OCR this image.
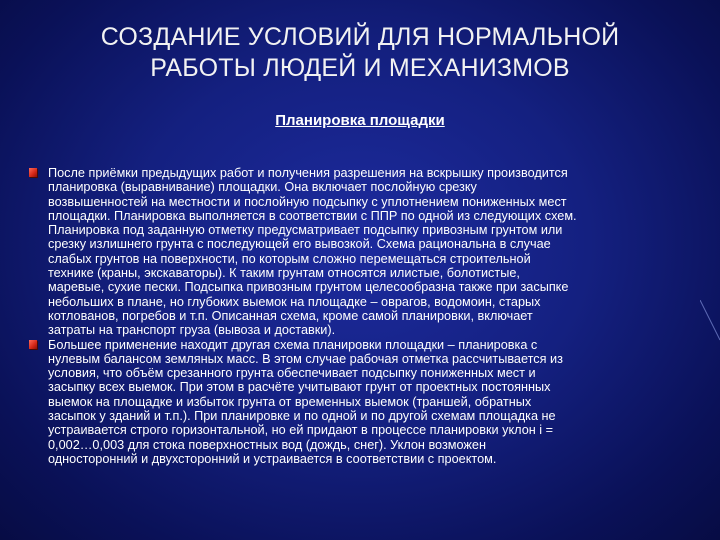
СОЗДАНИЕ УСЛОВИЙ ДЛЯ НОРМАЛЬНОЙ
РАБОТЫ ЛЮДЕЙ И МЕХАНИЗМОВ
Планировка площадки
После приёмки предыдущих работ и получения разрешения на вскрышку производится
планировка (выравнивание) площадки. Она включает послойную срезку
возвышенностей на местности и послойную подсыпку с уплотнением пониженных мест
площадки. Планировка выполняется в соответствии с ППР по одной из следующих схем.
Планировка под заданную отметку предусматривает подсыпку привозным грунтом или
срезку излишнего грунта с последующей его вывозкой. Схема рациональна в случае
слабых грунтов на поверхности, по которым сложно перемещаться строительной
технике (краны, экскаваторы). К таким грунтам относятся илистые, болотистые,
маревые, сухие пески. Подсыпка привозным грунтом целесообразна также при засыпке
небольших в плане, но глубоких выемок на площадке – оврагов, водомоин, старых
котлованов, погребов и т.п. Описанная схема, кроме самой планировки, включает
затраты на транспорт груза (вывоза и доставки).
Большее применение находит другая схема планировки площадки – планировка с
нулевым балансом земляных масс. В этом случае рабочая отметка рассчитывается из
условия, что объём срезанного грунта обеспечивает подсыпку пониженных мест и
засыпку всех выемок. При этом в расчёте учитывают грунт от проектных постоянных
выемок на площадке и избыток грунта от временных выемок (траншей, обратных
засыпок у зданий и т.п.). При планировке и по одной и по другой схемам площадка не
устраивается строго горизонтальной, но ей придают в процессе планировки уклон i =
0,002…0,003 для стока поверхностных вод (дождь, снег). Уклон возможен
односторонний и двухсторонний и устраивается в соответствии с проектом.
